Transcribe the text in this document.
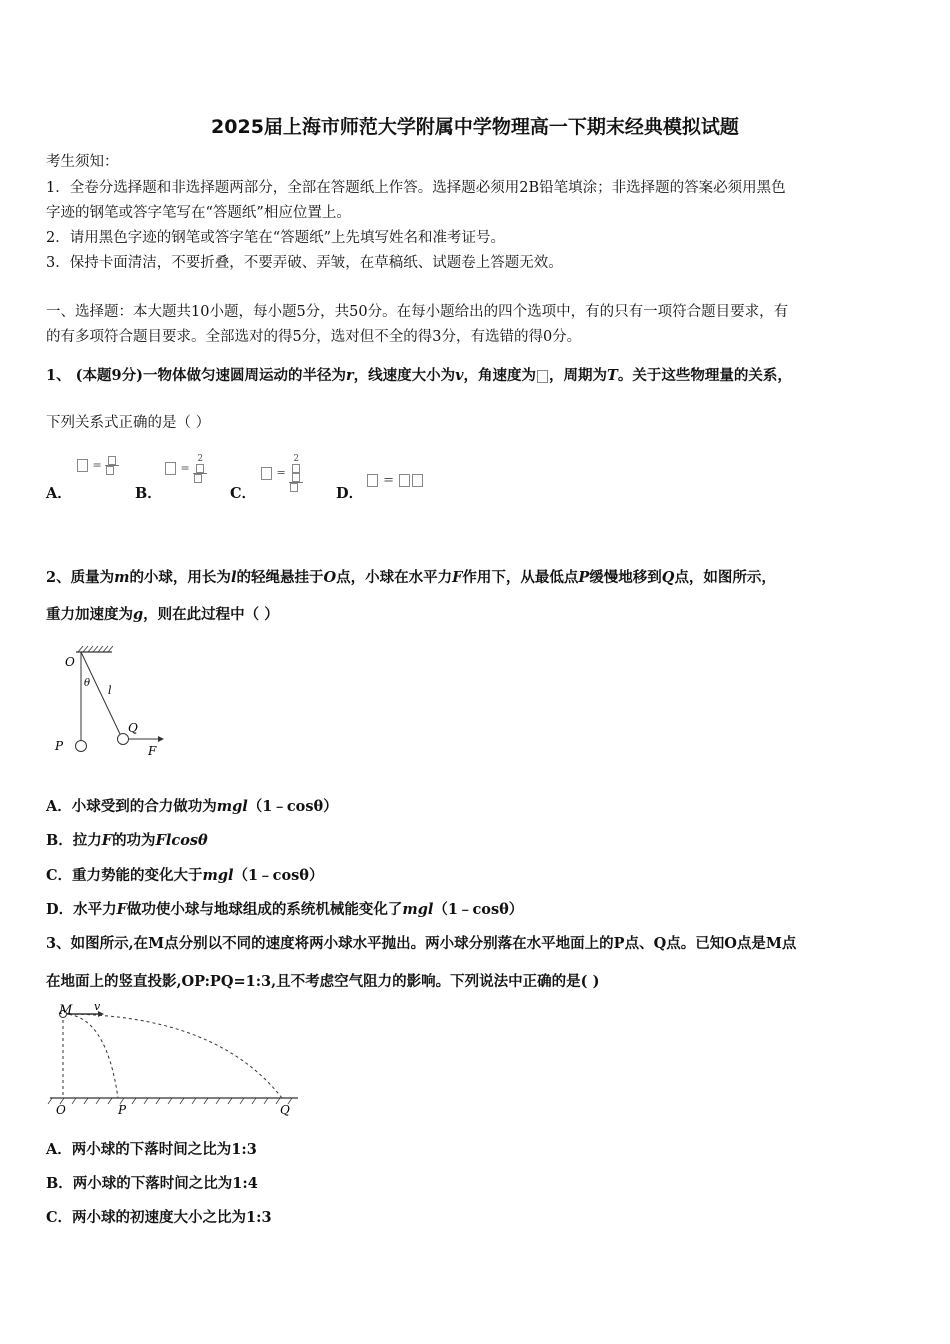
2025届上海市师范大学附属中学物理高一下期末经典模拟试题
考生须知：
1．全卷分选择题和非选择题两部分，全部在答题纸上作答。选择题必须用2B铅笔填涂；非选择题的答案必须用黑色
字迹的钢笔或答字笔写在“答题纸”相应位置上。
2．请用黑色字迹的钢笔或答字笔在“答题纸”上先填写姓名和准考证号。
3．保持卡面清洁，不要折叠，不要弄破、弄皱，在草稿纸、试题卷上答题无效。
一、选择题：本大题共10小题，每小题5分，共50分。在每小题给出的四个选项中，有的只有一项符合题目要求，有
的有多项符合题目要求。全部选对的得5分，选对但不全的得3分，有选错的得0分。
1、 (本题9分)一物体做匀速圆周运动的半径为r，线速度大小为v，角速度为 ，周期为T。关于这些物理量的关系，
下列关系式正确的是（ ）
A．
=
B．
=
2
C．
=
2
D．
=
2、质量为m的小球，用长为l的轻绳悬挂于O点，小球在水平力F作用下，从最低点P缓慢地移到Q点，如图所示，
重力加速度为g，则在此过程中（ ）
O
θ
l
Q
P	F
A．小球受到的合力做功为mgl（1﹣cosθ）
B．拉力F的功为Flcosθ
C．重力势能的变化大于mgl（1﹣cosθ）
D．水平力F做功使小球与地球组成的系统机械能变化了mgl（1﹣cosθ）
3、如图所示,在M点分别以不同的速度将两小球水平抛出。两小球分别落在水平地面上的P点、Q点。已知O点是M点
在地面上的竖直投影,OP:PQ=1:3,且不考虑空气阻力的影响。下列说法中正确的是( )
M v
O	P	Q
A．两小球的下落时间之比为1:3
B．两小球的下落时间之比为1:4
C．两小球的初速度大小之比为1:3
